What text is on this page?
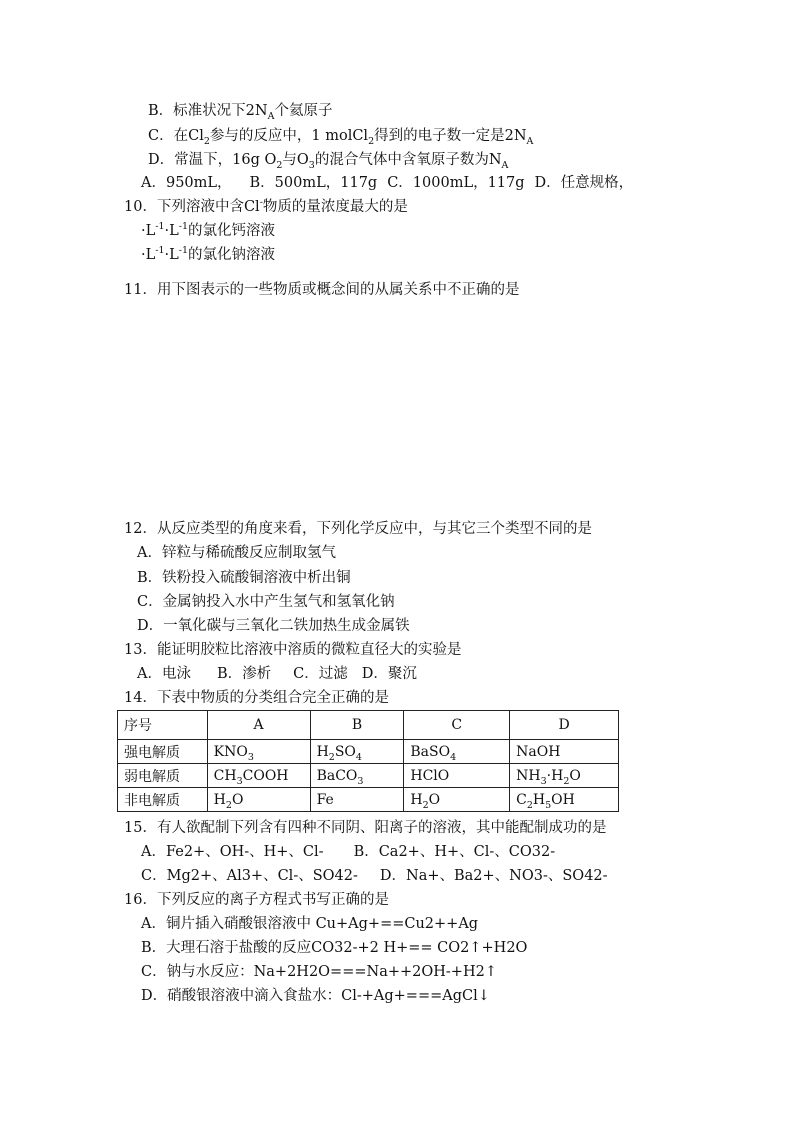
B．标准状况下$2N_A$个氦原子
C．在$Cl_2$参与的反应中，1 molCl$_2$得到的电子数一定是$2N_A$
D．常温下，16g $O_2$与$O_3$的混合气体中含氧原子数为$N_A$
A．950mL， B．500mL，117g C．1000mL，117g D．任意规格，
10．下列溶液中含Cl-物质的量浓度最大的是
$\cdot L^{-1}\cdot L^{-1}$的氯化钙溶液
$\cdot L^{-1}\cdot L^{-1}$的氯化钠溶液
11．用下图表示的一些物质或概念间的从属关系中不正确的是
12．从反应类型的角度来看，下列化学反应中，与其它三个类型不同的是
A．锌粒与稀硫酸反应制取氢气
B．铁粉投入硫酸铜溶液中析出铜
C．金属钠投入水中产生氢气和氢氧化钠
D．一氧化碳与三氧化二铁加热生成金属铁
13．能证明胶粒比溶液中溶质的微粒直径大的实验是
A．电泳 B．渗析 C．过滤 D．聚沉
14．下表中物质的分类组合完全正确的是
序号	A	B	C	D
强电解质	$KNO_3$	$H_2SO_4$	BaSO$_4$	NaOH
弱电解质	$CH_3COOH$	BaCO$_3$	HClO	$NH_3\cdot H_2O$
非电解质	$H_2O$	Fe	$H_2O$	$C_2H_5OH$
15．有人欲配制下列含有四种不同阴、阳离子的溶液，其中能配制成功的是
A．Fe2+、OH-、H+、Cl- B．Ca2+、H+、Cl-、CO32-
C．Mg2+、Al3+、Cl-、SO42- D．Na+、Ba2+、NO3-、SO42-
16．下列反应的离子方程式书写正确的是
A．铜片插入硝酸银溶液中 Cu+Ag+==Cu2++Ag
B．大理石溶于盐酸的反应CO32-+2 H+== CO2↑+H2O
C．钠与水反应：Na+2H2O===Na++2OH-+H2↑
D．硝酸银溶液中滴入食盐水：Cl-+Ag+===AgCl↓
